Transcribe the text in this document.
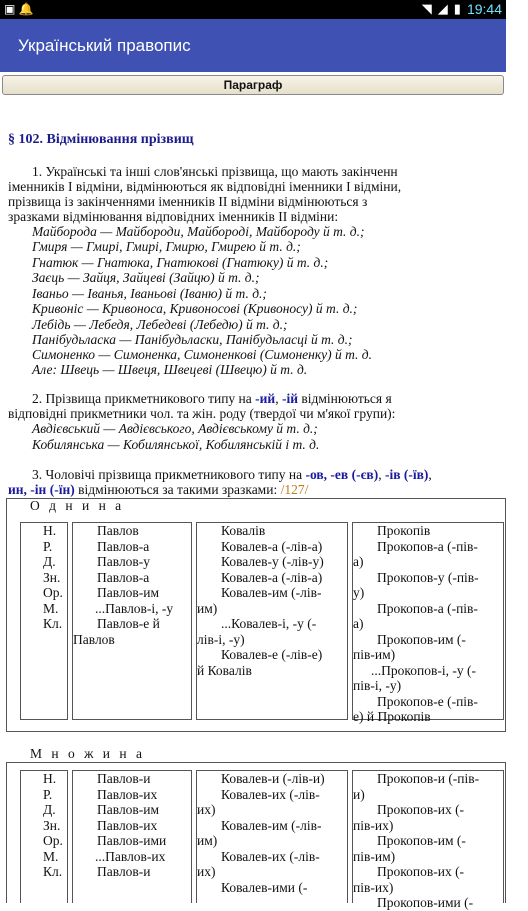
▣ 🔔	◥ ◢ ▮ 19:44
Український правопис
Параграф
§ 102. Відмінювання прізвищ
1. Українські та інші слов'янські прізвища, що мають закінченн
іменників І відміни, відмінюються як відповідні іменники І відміни,
прізвища із закінченнями іменників II відміни відмінюються з
зразками відмінювання відповідних іменників II відміни:
Майборода — Майбороди, Майбороді, Майбороду й т. д.;
Гмиря — Гмирі, Гмирі, Гмирю, Гмирею й т. д.;
Гнатюк — Гнатюка, Гнатюкові (Гнатюку) й т. д.;
Заєць — Зайця, Зайцеві (Зайцю) й т. д.;
Іваньо — Іванья, Іваньові (Іваню) й т. д.;
Кривоніс — Кривоноса, Кривоносові (Кривоносу) й т. д.;
Лебідь — Лебедя, Лебедеві (Лебедю) й т. д.;
Панібудьласка — Панібудьласки, Панібудьласці й т. д.;
Симоненко — Симоненка, Симоненкові (Симоненку) й т. д.
Але: Швець — Швеця, Швецеві (Швецю) й т. д.
2. Прізвища прикметникового типу на -ий, -ій відмінюються я
відповідні прикметники чол. та жін. роду (твердої чи м'якої групи):
Авдієвський — Авдієвського, Авдієвському й т. д.;
Кобилянська — Кобилянської, Кобилянській і т. д.
3. Чоловічі прізвища прикметникового типу на -ов, -ев (-єв), -ів (-їв),
ин, -ін (-їн) відмінюються за такими зразками: /127/
О д н и н а
Н.
Р.
Д.
Зн.
Ор.
М.
Кл.
Павлов
Павлов-а
Павлов-у
Павлов-а
Павлов-им
...Павлов-і, -у
Павлов-е й
Павлов
Ковалів
Ковалев-а (-лів-а)
Ковалев-у (-лів-у)
Ковалев-а (-лів-а)
Ковалев-им (-лів-
им)
...Ковалев-і, -у (-
лів-і, -у)
Ковалев-е (-лів-е)
й Ковалів
Прокопів
Прокопов-а (-пів-
а)
Прокопов-у (-пів-
у)
Прокопов-а (-пів-
а)
Прокопов-им (-
пів-им)
...Прокопов-і, -у (-
пів-і, -у)
Прокопов-е (-пів-
е) й Прокопів
М н о ж и н а
Н.
Р.
Д.
Зн.
Ор.
М.
Кл.
Павлов-и
Павлов-их
Павлов-им
Павлов-их
Павлов-ими
...Павлов-их
Павлов-и
Ковалев-и (-лів-и)
Ковалев-их (-лів-
их)
Ковалев-им (-лів-
им)
Ковалев-их (-лів-
их)
Ковалев-ими (-
Прокопов-и (-пів-
и)
Прокопов-их (-
пів-их)
Прокопов-им (-
пів-им)
Прокопов-их (-
пів-их)
Прокопов-ими (-
